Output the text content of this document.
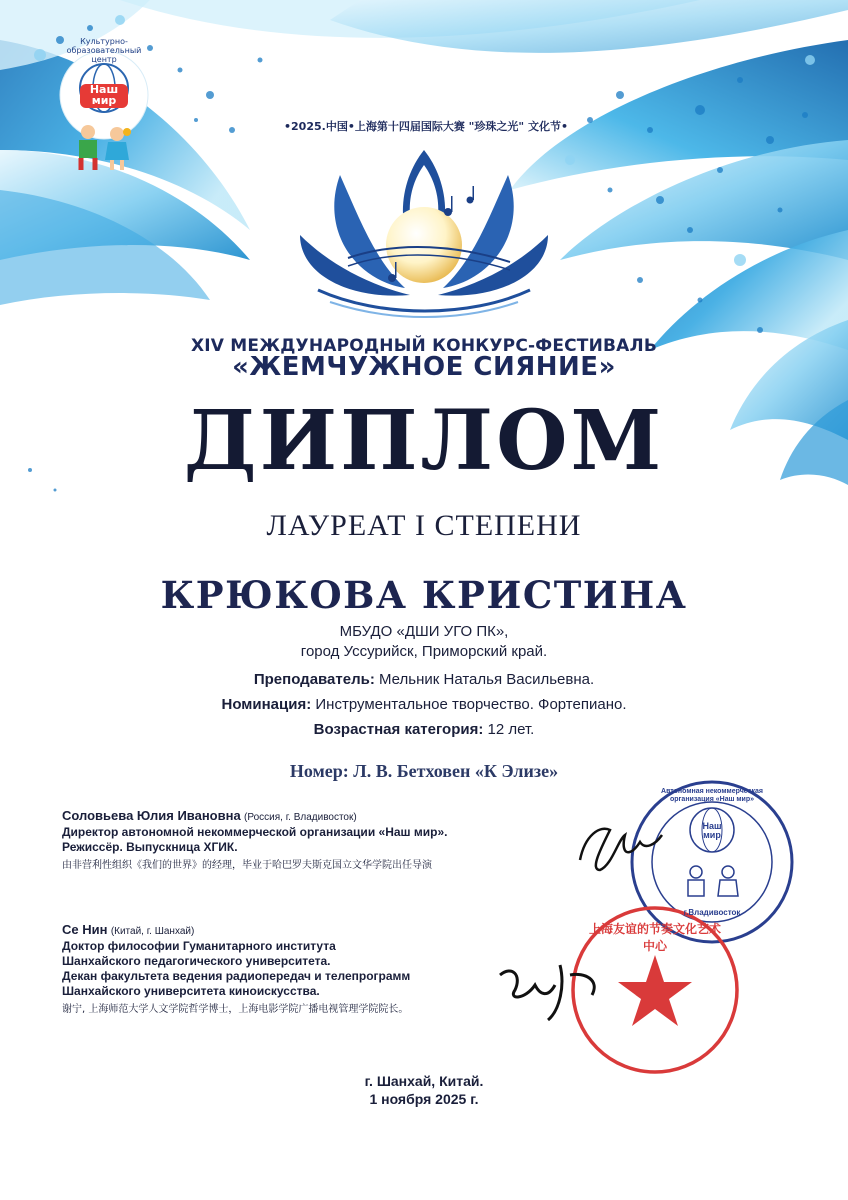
Культурно-образовательный центр
Наш
мир
•2025.中国•上海第十四届国际大赛 "珍珠之光" 文化节•
XIV МЕЖДУНАРОДНЫЙ КОНКУРС-ФЕСТИВАЛЬ
«ЖЕМЧУЖНОЕ СИЯНИЕ»
ДИПЛОМ
ЛАУРЕАТ I СТЕПЕНИ
КРЮКОВА КРИСТИНА
МБУДО «ДШИ УГО ПК»,
город Уссурийск, Приморский край.
Преподаватель: Мельник Наталья Васильевна.
Номинация: Инструментальное творчество. Фортепиано.
Возрастная категория: 12 лет.
Номер: Л. В. Бетховен «К Элизе»
Соловьева Юлия Ивановна (Россия, г. Владивосток)
Директор автономной некоммерческой организации «Наш мир».
Режиссёр. Выпускница ХГИК.
由非营利性组织《我们的世界》的经理，毕业于哈巴罗夫斯克国立文华学院出任导演
Се Нин (Китай, г. Шанхай)
Доктор философии Гуманитарного института
Шанхайского педагогического университета.
Декан факультета ведения радиопередач и телепрограмм
Шанхайского университета киноискусства.
谢宁, 上海师范大学人文学院哲学博士，上海电影学院广播电视管理学院院长。
Автономная некоммерческая организация «Наш мир»
Наш
мир
г.Владивосток
上海友谊的节奏文化艺术中心
г. Шанхай, Китай.
1 ноября 2025 г.
